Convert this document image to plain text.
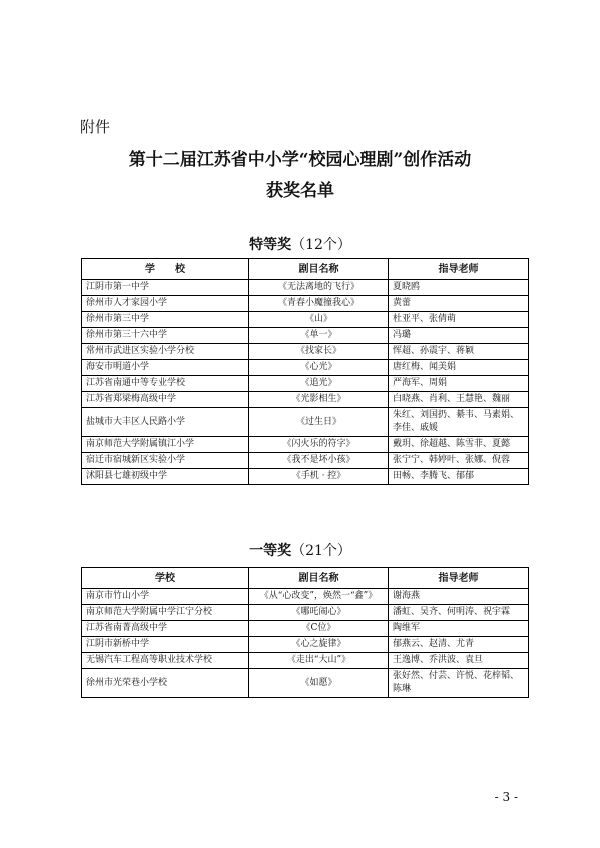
附件
第十二届江苏省中小学“校园心理剧”创作活动
获奖名单
特等奖（12个）
学　　校	剧目名称	指导老师
江阴市第一中学	《无法离地的飞行》	夏晓鸥
徐州市人才家园小学	《青春小魔撞我心》	黄蕾
徐州市第三中学	《山》	杜亚平、张倩萌
徐州市第三十六中学	《单一》	冯璐
常州市武进区实验小学分校	《找家长》	恽超、孙震宇、蒋颖
海安市明道小学	《心光》	唐红梅、闻美娟
江苏省南通中等专业学校	《追光》	严海军、周娟
江苏省郑梁梅高级中学	《光影相生》	白晓燕、肖利、王慧艳、魏丽
盐城市大丰区人民路小学	《过生日》	朱红、刘国扔、綦韦、马素娟、李佳、戚媛
南京师范大学附属镇江小学	《闪火乐的符字》	戴玥、徐超越、陈雪菲、夏懿
宿迁市宿城新区实验小学	《我不是坏小孩》	张宁宁、韩婷叶、张娜、倪蓉
沭阳县七雄初级中学	《手机 · 控》	田畅、李腾飞、郁郁
一等奖（21个）
学校	剧目名称	指导老师
南京市竹山小学	《从“心改变”，焕然一“鑫”》	谢海燕
南京师范大学附属中学江宁分校	《哪吒闹心》	潘虹、吴齐、何明涛、祝宇霖
江苏省南菁高级中学	《C位》	陶维军
江阴市新桥中学	《心之旋律》	郁燕云、赵清、尤青
无锡汽车工程高等职业技术学校	《走出“大山”》	王逸博、乔洪波、袁旦
徐州市光荣巷小学校	《如愿》	张好然、付芸、许悦、花梓韬、陈琳
- 3 -
